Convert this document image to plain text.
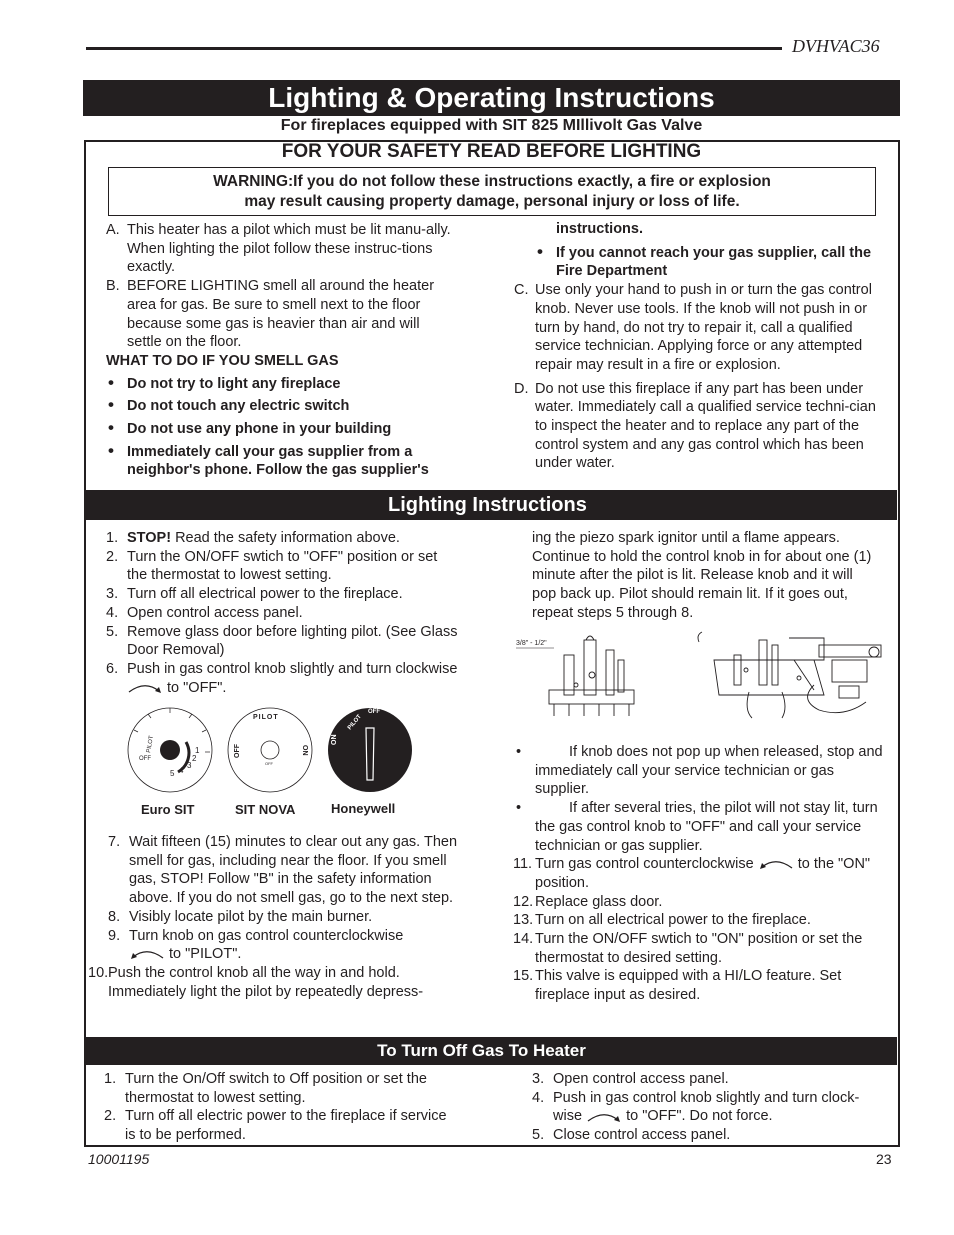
DVHVAC36
Lighting & Operating Instructions
For fireplaces equipped with SIT 825 MIllivolt Gas Valve
FOR YOUR SAFETY READ BEFORE LIGHTING
WARNING:If you do not follow these instructions exactly, a fire or explosion
may result causing property damage, personal injury or loss of life.
A. This heater has a pilot which must be lit manu-ally. When lighting the pilot follow these instruc-tions exactly.
B. BEFORE LIGHTING smell all around the heater area for gas. Be sure to smell next to the floor because some gas is heavier than air and will settle on the floor.
WHAT TO DO IF YOU SMELL GAS
• Do not try to light any fireplace
• Do not touch any electric switch
• Do not use any phone in your building
• Immediately call your gas supplier from a neighbor's phone. Follow the gas supplier's
instructions.
• If you cannot reach your gas supplier, call the Fire Department
C. Use only your hand to push in or turn the gas control knob. Never use tools. If the knob will not push in or turn by hand, do not try to repair it, call a qualified service technician. Applying force or any attempted repair may result in a fire or explosion.
D. Do not use this fireplace if any part has been under water. Immediately call a qualified service techni-cian to inspect the heater and to replace any part of the control system and any gas control which has been under water.
Lighting Instructions
1. STOP! Read the safety information above.
2. Turn the ON/OFF swtich to "OFF" position or set the thermostat to lowest setting.
3. Turn off all electrical power to the fireplace.
4. Open control access panel.
5. Remove glass door before lighting pilot. (See Glass Door Removal)
6. Push in gas control knob slightly and turn clockwise  to "OFF".
PILOT
OFF
1
2
3
4
5
PILOT
OFF	ON
OFF
PILOT
OFF
ON
Euro SIT	SIT NOVA	Honeywell
7. Wait fifteen (15) minutes to clear out any gas. Then smell for gas, including near the floor. If you smell gas, STOP! Follow "B" in the safety information above. If you do not smell gas, go to the next step.
8. Visibly locate pilot by the main burner.
9. Turn knob on gas control counterclockwise
to "PILOT".
10. Push the control knob all the way in and hold. Immediately light the pilot by repeatedly depress-
ing the piezo spark ignitor until a flame appears. Continue to hold the control knob in for about one (1) minute after the pilot is lit. Release knob and it will pop back up. Pilot should remain lit. If it goes out, repeat steps 5 through 8.
3/8" - 1/2"
• If knob does not pop up when released, stop and immediately call your service technician or gas supplier.
• If after several tries, the pilot will not stay lit, turn the gas control knob to "OFF" and call your service technician or gas supplier.
11. Turn gas control counterclockwise	to the "ON" position.
12. Replace glass door.
13. Turn on all electrical power to the fireplace.
14. Turn the ON/OFF swtich to "ON" position or set the thermostat to desired setting.
15. This valve is equipped with a HI/LO feature. Set fireplace input as desired.
To Turn Off Gas To Heater
1. Turn the On/Off switch to Off position or set the thermostat to lowest setting.
2. Turn off all electric power to the fireplace if service is to be performed.
3. Open control access panel.
4. Push in gas control knob slightly and turn clock-wise	to "OFF". Do not force.
5. Close control access panel.
10001195	23
